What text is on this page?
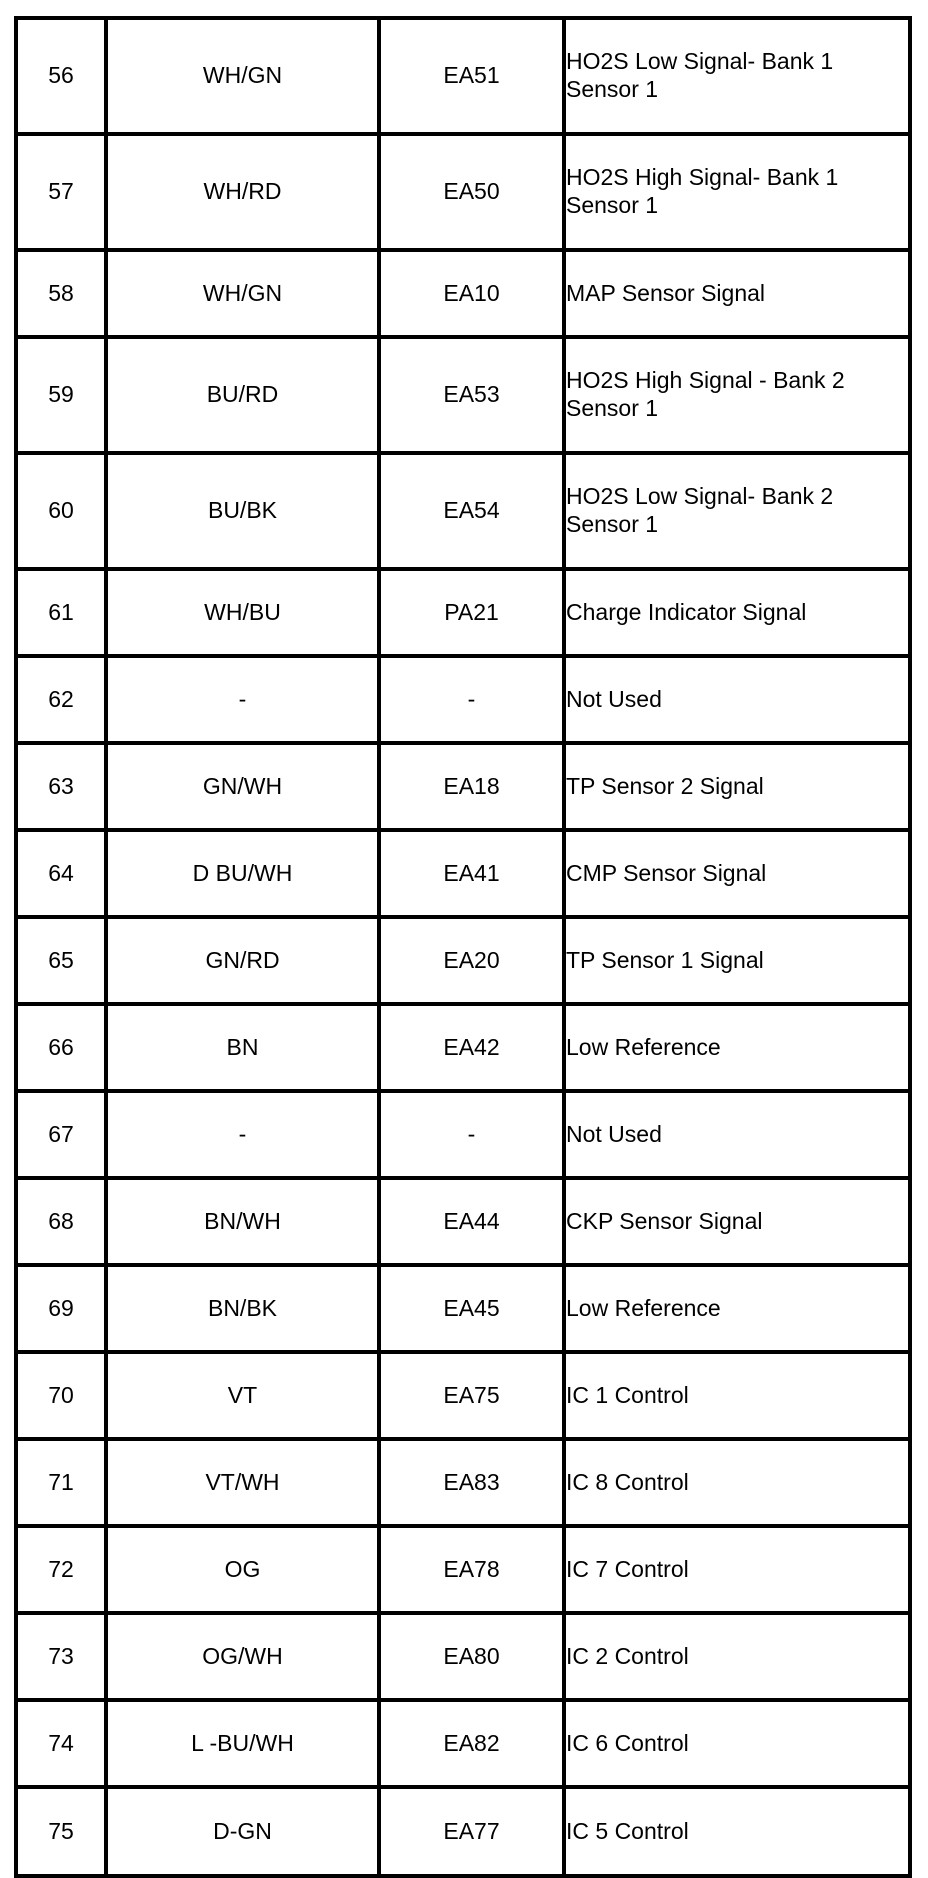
56	WH/GN	EA51	HO2S Low Signal- Bank 1 Sensor 1
57	WH/RD	EA50	HO2S High Signal- Bank 1 Sensor 1
58	WH/GN	EA10	MAP Sensor Signal
59	BU/RD	EA53	HO2S High Signal - Bank 2 Sensor 1
60	BU/BK	EA54	HO2S Low Signal- Bank 2 Sensor 1
61	WH/BU	PA21	Charge Indicator Signal
62	-	-	Not Used
63	GN/WH	EA18	TP Sensor 2 Signal
64	D BU/WH	EA41	CMP Sensor Signal
65	GN/RD	EA20	TP Sensor 1 Signal
66	BN	EA42	Low Reference
67	-	-	Not Used
68	BN/WH	EA44	CKP Sensor Signal
69	BN/BK	EA45	Low Reference
70	VT	EA75	IC 1 Control
71	VT/WH	EA83	IC 8 Control
72	OG	EA78	IC 7 Control
73	OG/WH	EA80	IC 2 Control
74	L -BU/WH	EA82	IC 6 Control
75	D-GN	EA77	IC 5 Control
